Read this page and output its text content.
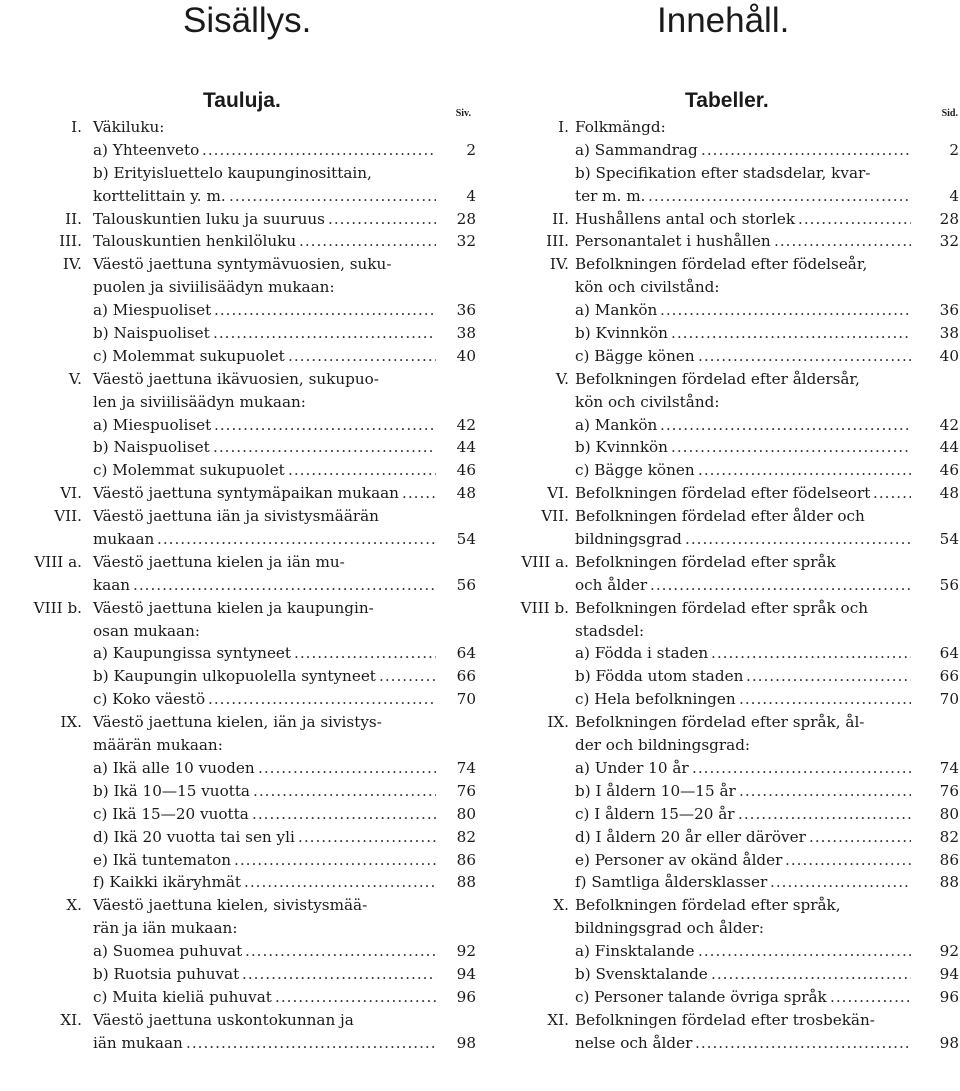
Sisällys.	Innehåll.
Tauluja.
Siv.
I. Väkiluku:
a) Yhteenveto .....	2
b) Erityisluettelo kaupunginosittain,
korttelittain y. m. .....	4
II. Talouskuntien luku ja suuruus .....	28
III. Talouskuntien henkilöluku .....	32
IV. Väestö jaettuna syntymävuosien, suku-
puolen ja siviilisäädyn mukaan:
a) Miespuoliset .....	36
b) Naispuoliset .....	38
c) Molemmat sukupuolet .....	40
V. Väestö jaettuna ikävuosien, sukupuo-
len ja siviilisäädyn mukaan:
a) Miespuoliset .....	42
b) Naispuoliset .....	44
c) Molemmat sukupuolet .....	46
VI. Väestö jaettuna syntymäpaikan mukaan .....	48
VII. Väestö jaettuna iän ja sivistysmäärän
mukaan .....	54
VIII a. Väestö jaettuna kielen ja iän mu-
kaan .....	56
VIII b. Väestö jaettuna kielen ja kaupungin-
osan mukaan:
a) Kaupungissa syntyneet .....	64
b) Kaupungin ulkopuolella syntyneet .....	66
c) Koko väestö .....	70
IX. Väestö jaettuna kielen, iän ja sivistys-
määrän mukaan:
a) Ikä alle 10 vuoden .....	74
b) Ikä 10—15 vuotta .....	76
c) Ikä 15—20 vuotta .....	80
d) Ikä 20 vuotta tai sen yli .....	82
e) Ikä tuntematon .....	86
f) Kaikki ikäryhmät .....	88
X. Väestö jaettuna kielen, sivistysmää-
rän ja iän mukaan:
a) Suomea puhuvat .....	92
b) Ruotsia puhuvat .....	94
c) Muita kieliä puhuvat .....	96
XI. Väestö jaettuna uskontokunnan ja
iän mukaan .....	98
Tabeller.
Sid.
I. Folkmängd:
a) Sammandrag .....	2
b) Specifikation efter stadsdelar, kvar-
ter m. m. .....	4
II. Hushållens antal och storlek .....	28
III. Personantalet i hushållen .....	32
IV. Befolkningen fördelad efter födelseår,
kön och civilstånd:
a) Mankön .....	36
b) Kvinnkön .....	38
c) Bägge könen .....	40
V. Befolkningen fördelad efter åldersår,
kön och civilstånd:
a) Mankön .....	42
b) Kvinnkön .....	44
c) Bägge könen .....	46
VI. Befolkningen fördelad efter födelseort .....	48
VII. Befolkningen fördelad efter ålder och
bildningsgrad .....	54
VIII a. Befolkningen fördelad efter språk
och ålder .....	56
VIII b. Befolkningen fördelad efter språk och
stadsdel:
a) Födda i staden .....	64
b) Födda utom staden .....	66
c) Hela befolkningen .....	70
IX. Befolkningen fördelad efter språk, ål-
der och bildningsgrad:
a) Under 10 år .....	74
b) I åldern 10—15 år .....	76
c) I åldern 15—20 år .....	80
d) I åldern 20 år eller däröver .....	82
e) Personer av okänd ålder .....	86
f) Samtliga åldersklasser .....	88
X. Befolkningen fördelad efter språk,
bildningsgrad och ålder:
a) Finsktalande .....	92
b) Svensktalande .....	94
c) Personer talande övriga språk .....	96
XI. Befolkningen fördelad efter trosbekän-
nelse och ålder .....	98
